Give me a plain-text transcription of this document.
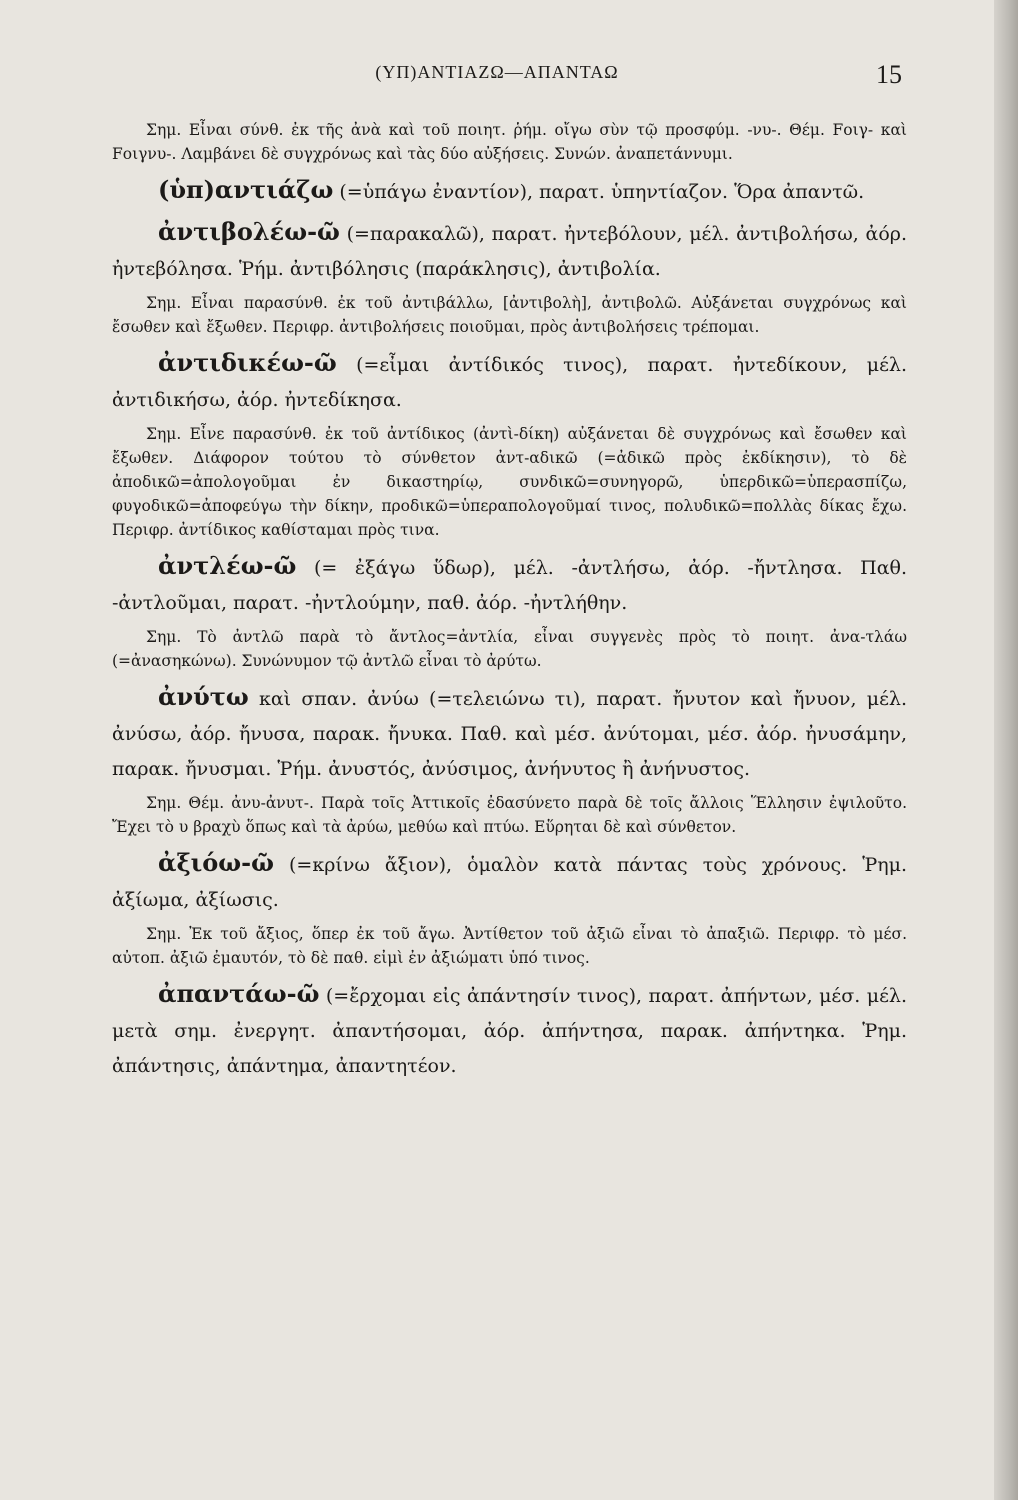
(ΥΠ)ΑΝΤΙΑΖΩ—ΑΠΑΝΤΑΩ	15

Σημ. Εἶναι σύνθ. ἐκ τῆς ἀνὰ καὶ τοῦ ποιητ. ῥήμ. οἴγω σὺν τῷ προσφύμ. -νυ-. Θέμ. Fοιγ- καὶ Fοιγνυ-. Λαμβάνει δὲ συγχρόνως καὶ τὰς δύο αὐξήσεις. Συνών. ἀναπετάννυμι.

(ὑπ)αντιάζω (=ὑπάγω ἐναντίον), παρατ. ὑπηντίαζον. Ὅρα ἀπαντῶ.

ἀντιβολέω-ῶ (=παρακαλῶ), παρατ. ἠντεβόλουν, μέλ. ἀντιβολήσω, ἀόρ. ἠντεβόλησα. Ῥήμ. ἀντιβόλησις (παράκλησις), ἀντιβολία.

Σημ. Εἶναι παρασύνθ. ἐκ τοῦ ἀντιβάλλω, [ἀντιβολὴ], ἀντιβολῶ. Αὐξάνεται συγχρόνως καὶ ἔσωθεν καὶ ἔξωθεν. Περιφρ. ἀντιβολήσεις ποιοῦμαι, πρὸς ἀντιβολήσεις τρέπομαι.

ἀντιδικέω-ῶ (=εἶμαι ἀντίδικός τινος), παρατ. ἠντεδίκουν, μέλ. ἀντιδικήσω, ἀόρ. ἠντεδίκησα.

Σημ. Εἶνε παρασύνθ. ἐκ τοῦ ἀντίδικος (ἀντὶ-δίκη) αὐξάνεται δὲ συγχρόνως καὶ ἔσωθεν καὶ ἔξωθεν. Διάφορον τούτου τὸ σύνθετον ἀντ-αδικῶ (=ἀδικῶ πρὸς ἐκδίκησιν), τὸ δὲ ἀποδικῶ=ἀπολογοῦμαι ἐν δικαστηρίῳ, συνδικῶ=συνηγορῶ, ὑπερδικῶ=ὑπερασπίζω, φυγοδικῶ=ἀποφεύγω τὴν δίκην, προδικῶ=ὑπεραπολογοῦμαί τινος, πολυδικῶ=πολλὰς δίκας ἔχω. Περιφρ. ἀντίδικος καθίσταμαι πρὸς τινα.

ἀντλέω-ῶ (= ἐξάγω ὕδωρ), μέλ. -ἀντλήσω, ἀόρ. -ἤντλησα. Παθ. -ἀντλοῦμαι, παρατ. -ἠντλούμην, παθ. ἀόρ. -ἠντλήθην.

Σημ. Τὸ ἀντλῶ παρὰ τὸ ἄντλος=ἀντλία, εἶναι συγγενὲς πρὸς τὸ ποιητ. ἀνα-τλάω (=ἀνασηκώνω). Συνώνυμον τῷ ἀντλῶ εἶναι τὸ ἀρύτω.

ἀνύτω καὶ σπαν. ἀνύω (=τελειώνω τι), παρατ. ἤνυτον καὶ ἤνυον, μέλ. ἀνύσω, ἀόρ. ἤνυσα, παρακ. ἤνυκα. Παθ. καὶ μέσ. ἀνύτομαι, μέσ. ἀόρ. ἠνυσάμην, παρακ. ἤνυσμαι. Ῥήμ. ἀνυστός, ἀνύσιμος, ἀνήνυτος ἢ ἀνήνυστος.

Σημ. Θέμ. ἀνυ-ἀνυτ-. Παρὰ τοῖς Ἀττικοῖς ἐδασύνετο παρὰ δὲ τοῖς ἄλλοις Ἕλλησιν ἐψιλοῦτο. Ἔχει τὸ υ βραχὺ ὅπως καὶ τὰ ἀρύω, μεθύω καὶ πτύω. Εὕρηται δὲ καὶ σύνθετον.

ἀξιόω-ῶ (=κρίνω ἄξιον), ὁμαλὸν κατὰ πάντας τοὺς χρόνους. Ῥημ. ἀξίωμα, ἀξίωσις.

Σημ. Ἐκ τοῦ ἄξιος, ὅπερ ἐκ τοῦ ἄγω. Ἀντίθετον τοῦ ἀξιῶ εἶναι τὸ ἀπαξιῶ. Περιφρ. τὸ μέσ. αὐτοπ. ἀξιῶ ἐμαυτόν, τὸ δὲ παθ. εἰμὶ ἐν ἀξιώματι ὑπό τινος.

ἀπαντάω-ῶ (=ἔρχομαι εἰς ἀπάντησίν τινος), παρατ. ἀπήντων, μέσ. μέλ. μετὰ σημ. ἐνεργητ. ἀπαντήσομαι, ἀόρ. ἀπήντησα, παρακ. ἀπήντηκα. Ῥημ. ἀπάντησις, ἀπάντημα, ἀπαντητέον.
